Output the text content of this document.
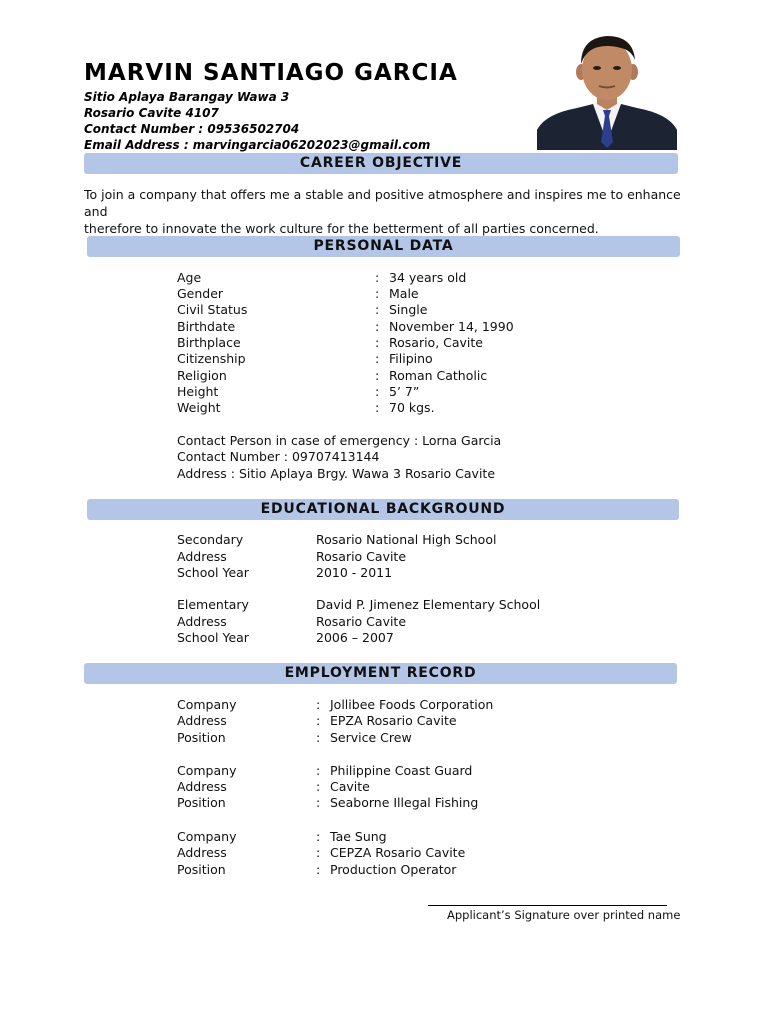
MARVIN SANTIAGO GARCIA
Sitio Aplaya Barangay Wawa 3
Rosario Cavite 4107
Contact Number : 09536502704
Email Address : marvingarcia06202023@gmail.com
CAREER OBJECTIVE
To join a company that offers me a stable and positive atmosphere and inspires me to enhance and
therefore to innovate the work culture for the betterment of all parties concerned.
PERSONAL DATA
Age	: 34 years old
Gender	: Male
Civil Status	: Single
Birthdate	: November 14, 1990
Birthplace	: Rosario, Cavite
Citizenship	: Filipino
Religion	: Roman Catholic
Height	: 5’ 7”
Weight	: 70 kgs.
Contact Person in case of emergency : Lorna Garcia
Contact Number : 09707413144
Address : Sitio Aplaya Brgy. Wawa 3 Rosario Cavite
EDUCATIONAL BACKGROUND
Secondary	Rosario National High School
Address	Rosario Cavite
School Year	2010 - 2011
Elementary	David P. Jimenez Elementary School
Address	Rosario Cavite
School Year	2006 – 2007
EMPLOYMENT RECORD
Company	: Jollibee Foods Corporation
Address	: EPZA Rosario Cavite
Position	: Service Crew
Company	: Philippine Coast Guard
Address	: Cavite
Position	: Seaborne Illegal Fishing
Company	: Tae Sung
Address	: CEPZA Rosario Cavite
Position	: Production Operator
Applicant’s Signature over printed name
